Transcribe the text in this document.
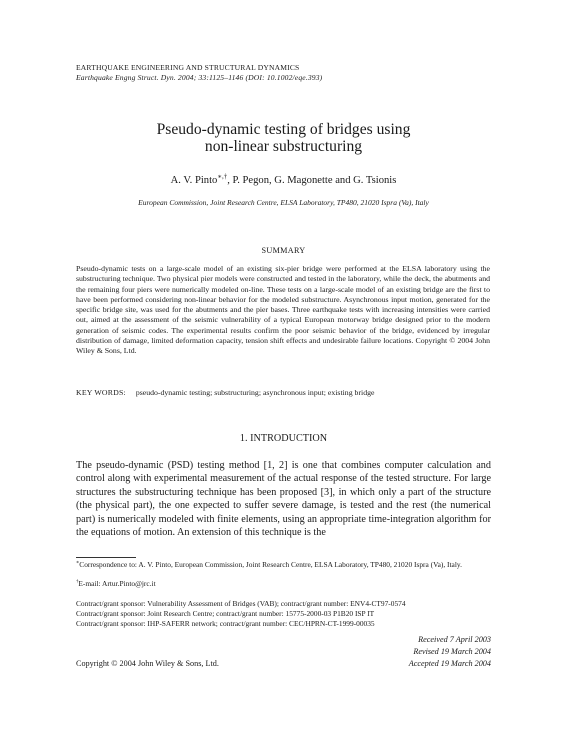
EARTHQUAKE ENGINEERING AND STRUCTURAL DYNAMICS
Earthquake Engng Struct. Dyn. 2004; 33:1125–1146 (DOI: 10.1002/eqe.393)
Pseudo-dynamic testing of bridges using
non-linear substructuring
A. V. Pinto∗,†, P. Pegon, G. Magonette and G. Tsionis
European Commission, Joint Research Centre, ELSA Laboratory, TP480, 21020 Ispra (Va), Italy
SUMMARY
Pseudo-dynamic tests on a large-scale model of an existing six-pier bridge were performed at the ELSA laboratory using the substructuring technique. Two physical pier models were constructed and tested in the laboratory, while the deck, the abutments and the remaining four piers were numerically modeled on-line. These tests on a large-scale model of an existing bridge are the first to have been performed considering non-linear behavior for the modeled substructure. Asynchronous input motion, generated for the specific bridge site, was used for the abutments and the pier bases. Three earthquake tests with increasing intensities were carried out, aimed at the assessment of the seismic vulnerability of a typical European motorway bridge designed prior to the modern generation of seismic codes. The experimental results confirm the poor seismic behavior of the bridge, evidenced by irregular distribution of damage, limited deformation capacity, tension shift effects and undesirable failure locations. Copyright © 2004 John Wiley & Sons, Ltd.
KEY WORDS: pseudo-dynamic testing; substructuring; asynchronous input; existing bridge
1. INTRODUCTION
The pseudo-dynamic (PSD) testing method [1, 2] is one that combines computer calculation and control along with experimental measurement of the actual response of the tested structure. For large structures the substructuring technique has been proposed [3], in which only a part of the structure (the physical part), the one expected to suffer severe damage, is tested and the rest (the numerical part) is numerically modeled with finite elements, using an appropriate time-integration algorithm for the equations of motion. An extension of this technique is the
∗Correspondence to: A. V. Pinto, European Commission, Joint Research Centre, ELSA Laboratory, TP480, 21020 Ispra (Va), Italy.
†E-mail: Artur.Pinto@jrc.it
Contract/grant sponsor: Vulnerability Assessment of Bridges (VAB); contract/grant number: ENV4-CT97-0574
Contract/grant sponsor: Joint Research Centre; contract/grant number: 15775-2000-03 P1B20 ISP IT
Contract/grant sponsor: IHP-SAFERR network; contract/grant number: CEC/HPRN-CT-1999-00035
Received 7 April 2003
Revised 19 March 2004
Accepted 19 March 2004
Copyright © 2004 John Wiley & Sons, Ltd.
